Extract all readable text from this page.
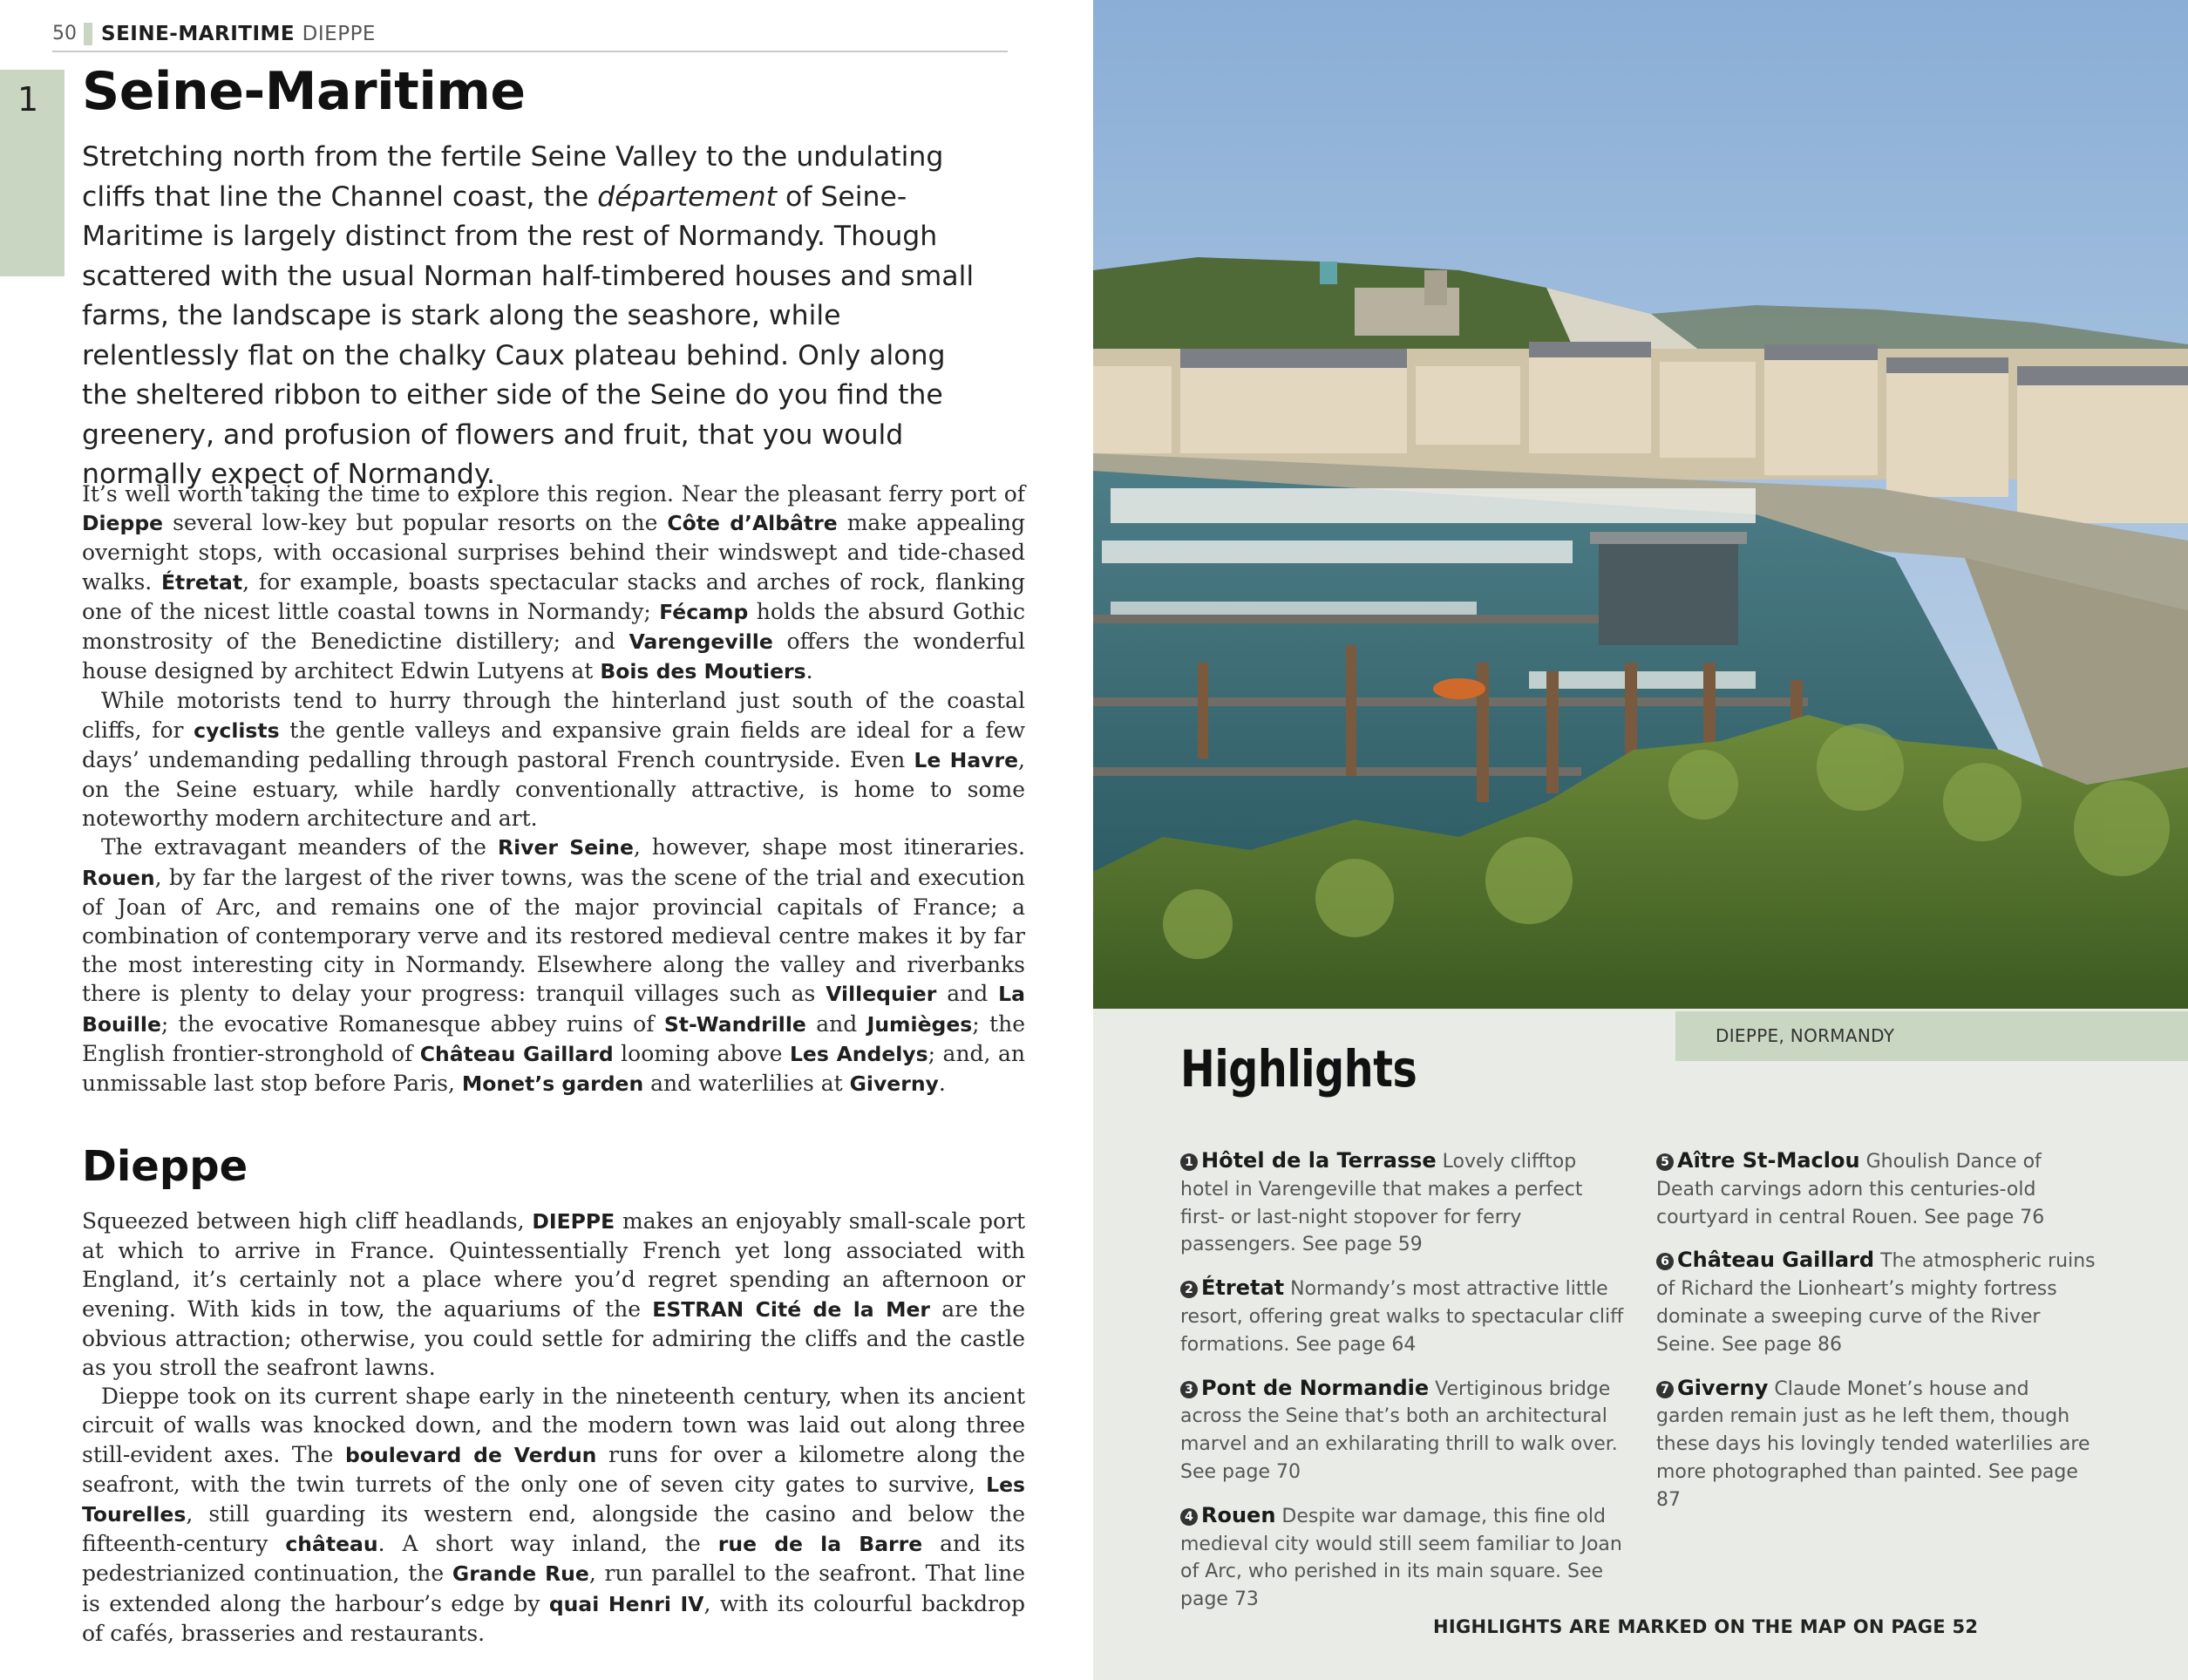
50 SEINE-MARITIME DIEPPE
1 Seine-Maritime

Stretching north from the fertile Seine Valley to the undulating cliffs that line the Channel coast, the département of Seine-Maritime is largely distinct from the rest of Normandy. Though scattered with the usual Norman half-timbered houses and small farms, the landscape is stark along the seashore, while relentlessly flat on the chalky Caux plateau behind. Only along the sheltered ribbon to either side of the Seine do you find the greenery, and profusion of flowers and fruit, that you would normally expect of Normandy.

It’s well worth taking the time to explore this region. Near the pleasant ferry port of Dieppe several low-key but popular resorts on the Côte d’Albâtre make appealing overnight stops, with occasional surprises behind their windswept and tide-chased walks. Étretat, for example, boasts spectacular stacks and arches of rock, flanking one of the nicest little coastal towns in Normandy; Fécamp holds the absurd Gothic monstrosity of the Benedictine distillery; and Varengeville offers the wonderful house designed by architect Edwin Lutyens at Bois des Moutiers.

While motorists tend to hurry through the hinterland just south of the coastal cliffs, for cyclists the gentle valleys and expansive grain fields are ideal for a few days’ undemanding pedalling through pastoral French countryside. Even Le Havre, on the Seine estuary, while hardly conventionally attractive, is home to some noteworthy modern architecture and art.

The extravagant meanders of the River Seine, however, shape most itineraries. Rouen, by far the largest of the river towns, was the scene of the trial and execution of Joan of Arc, and remains one of the major provincial capitals of France; a combination of contemporary verve and its restored medieval centre makes it by far the most interesting city in Normandy. Elsewhere along the valley and riverbanks there is plenty to delay your progress: tranquil villages such as Villequier and La Bouille; the evocative Romanesque abbey ruins of St-Wandrille and Jumièges; the English frontier-stronghold of Château Gaillard looming above Les Andelys; and, an unmissable last stop before Paris, Monet’s garden and waterlilies at Giverny.

Dieppe

Squeezed between high cliff headlands, DIEPPE makes an enjoyably small-scale port at which to arrive in France. Quintessentially French yet long associated with England, it’s certainly not a place where you’d regret spending an afternoon or evening. With kids in tow, the aquariums of the ESTRAN Cité de la Mer are the obvious attraction; otherwise, you could settle for admiring the cliffs and the castle as you stroll the seafront lawns.

Dieppe took on its current shape early in the nineteenth century, when its ancient circuit of walls was knocked down, and the modern town was laid out along three still-evident axes. The boulevard de Verdun runs for over a kilometre along the seafront, with the twin turrets of the only one of seven city gates to survive, Les Tourelles, still guarding its western end, alongside the casino and below the fifteenth-century château. A short way inland, the rue de la Barre and its pedestrianized continuation, the Grande Rue, run parallel to the seafront. That line is extended along the harbour’s edge by quai Henri IV, with its colourful backdrop of cafés, brasseries and restaurants.

DIEPPE, NORMANDY
Highlights

1 Hôtel de la Terrasse Lovely clifftop hotel in Varengeville that makes a perfect first- or last-night stopover for ferry passengers. See page 59

2 Étretat Normandy’s most attractive little resort, offering great walks to spectacular cliff formations. See page 64

3 Pont de Normandie Vertiginous bridge across the Seine that’s both an architectural marvel and an exhilarating thrill to walk over. See page 70

4 Rouen Despite war damage, this fine old medieval city would still seem familiar to Joan of Arc, who perished in its main square. See page 73

5 Aître St-Maclou Ghoulish Dance of Death carvings adorn this centuries-old courtyard in central Rouen. See page 76

6 Château Gaillard The atmospheric ruins of Richard the Lionheart’s mighty fortress dominate a sweeping curve of the River Seine. See page 86

7 Giverny Claude Monet’s house and garden remain just as he left them, though these days his lovingly tended waterlilies are more photographed than painted. See page 87

HIGHLIGHTS ARE MARKED ON THE MAP ON PAGE 52
